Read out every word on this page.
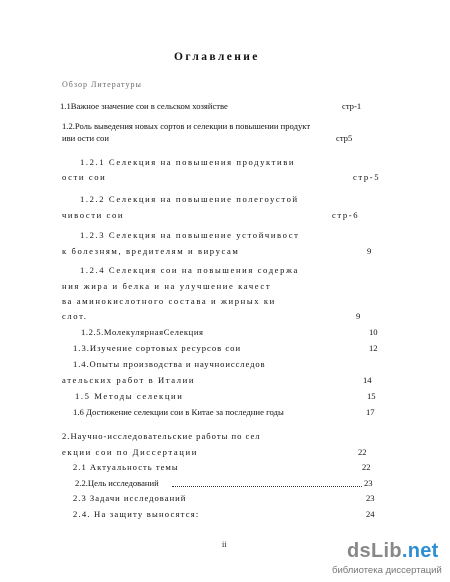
Оглавление
Обзор Литературы
1.1Важное значение сои в сельском хозяйстве	стр-1
1.2.Роль выведения новых сортов и селекции в повышении продукт
иви ости сои	стр5
1.2.1 Селекция на повышения продуктиви
ости сои	стр-5
1.2.2 Селекция на повышение полегоустой
чивости сои	стр-6
1.2.3 Селекция на повышение устойчивост
к болезням, вредителям и вирусам	9
1.2.4 Селекция сои на повышения содержа
ния жира и белка и на улучшение качест
ва аминокислотного состава и жирных ки
слот.	9
1.2.5.МолекулярнаяСелекция	10
1.3.Изучение сортовых ресурсов сои	12
1.4.Опыты производства и научноисследов
ательских работ в Италии	14
1.5 Методы селекции	15
1.6 Достижение селекции сои в Китае за последние годы	17
2.Научно-исследовательские работы по сел
екции сои по Диссертации	22
2.1 Актуальность темы	22
2.2.Цель исследований	23
2.3 Задачи исследований	23
2.4. На защиту выносятся:	24
ii	dsLib.net
библиотека диссертаций
